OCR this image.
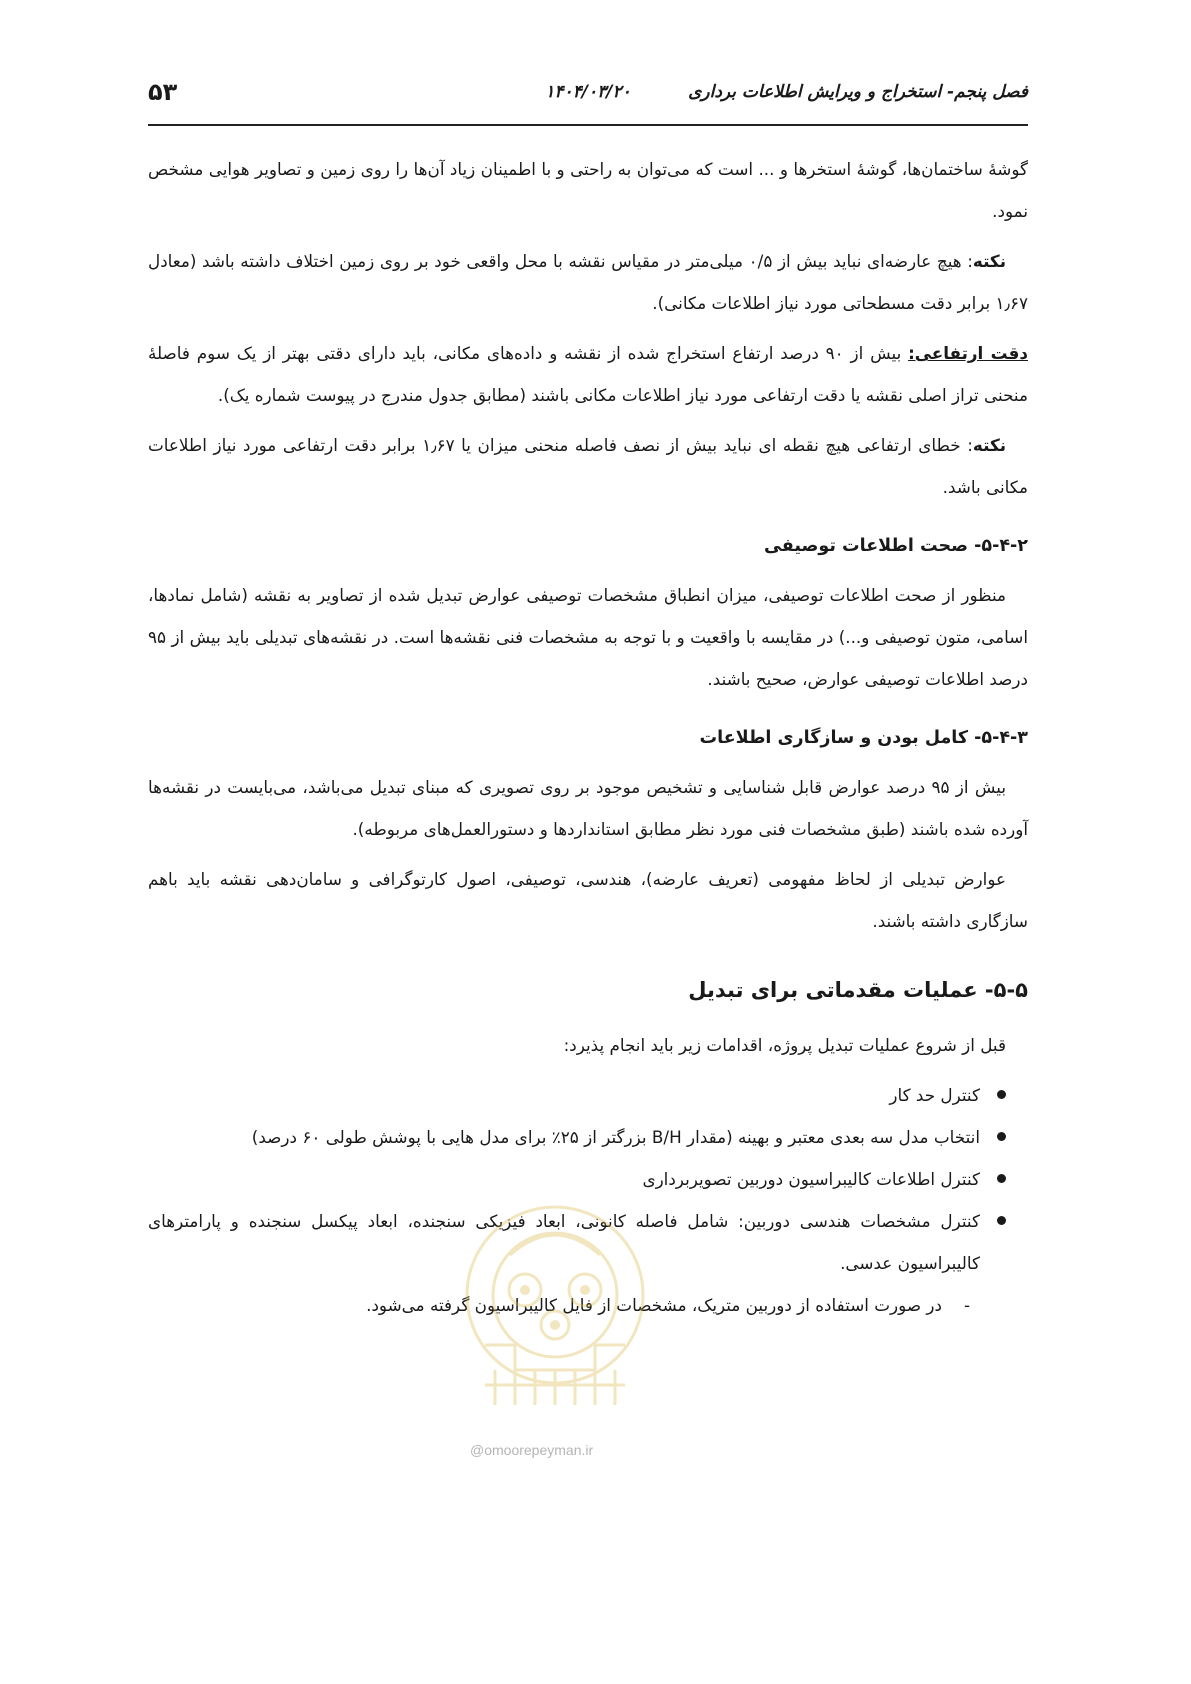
فصل پنجم- استخراج و ویرایش اطلاعات برداری
۱۴۰۴/۰۳/۲۰
۵۳

گوشهٔ ساختمان‌ها، گوشهٔ استخرها و ... است که می‌توان به راحتی و با اطمینان زیاد آن‌ها را روی زمین و تصاویر هوایی مشخص نمود.

نکته: هیچ عارضه‌ای نباید بیش از ۰/۵ میلی‌متر در مقیاس نقشه با محل واقعی خود بر روی زمین اختلاف داشته باشد (معادل ۱٫۶۷ برابر دقت مسطحاتی مورد نیاز اطلاعات مکانی).

دقت ارتفاعی: بیش از ۹۰ درصد ارتفاع استخراج شده از نقشه و داده‌های مکانی، باید دارای دقتی بهتر از یک سوم فاصلهٔ منحنی تراز اصلی نقشه یا دقت ارتفاعی مورد نیاز اطلاعات مکانی باشند (مطابق جدول مندرج در پیوست شماره یک).

نکته: خطای ارتفاعی هیچ نقطه ای نباید بیش از نصف فاصله منحنی میزان یا ۱٫۶۷ برابر دقت ارتفاعی مورد نیاز اطلاعات مکانی باشد.

۵-۴-۲- صحت اطلاعات توصیفی

منظور از صحت اطلاعات توصیفی، میزان انطباق مشخصات توصیفی عوارض تبدیل شده از تصاویر به نقشه (شامل نمادها، اسامی، متون توصیفی و...) در مقایسه با واقعیت و با توجه به مشخصات فنی نقشه‌ها است. در نقشه‌های تبدیلی باید بیش از ۹۵ درصد اطلاعات توصیفی عوارض، صحیح باشند.

۵-۴-۳- کامل بودن و سازگاری اطلاعات

بیش از ۹۵ درصد عوارض قابل شناسایی و تشخیص موجود بر روی تصویری که مبنای تبدیل می‌باشد، می‌بایست در نقشه‌ها آورده شده باشند (طبق مشخصات فنی مورد نظر مطابق استانداردها و دستورالعمل‌های مربوطه).

عوارض تبدیلی از لحاظ مفهومی (تعریف عارضه)، هندسی، توصیفی، اصول کارتوگرافی و سامان‌دهی نقشه باید باهم سازگاری داشته باشند.

۵-۵- عملیات مقدماتی برای تبدیل

قبل از شروع عملیات تبدیل پروژه، اقدامات زیر باید انجام پذیرد:

کنترل حد کار
انتخاب مدل سه بعدی معتبر و بهینه (مقدار B/H بزرگتر از ۲۵٪ برای مدل هایی با پوشش طولی ۶۰ درصد)
کنترل اطلاعات کالیبراسیون دوربین تصویربرداری
کنترل مشخصات هندسی دوربین: شامل فاصله کانونی، ابعاد فیزیکی سنجنده، ابعاد پیکسل سنجنده و پارامترهای کالیبراسیون عدسی.
-
در صورت استفاده از دوربین متریک، مشخصات از فایل کالیبراسیون گرفته می‌شود.
@omoorepeyman.ir
